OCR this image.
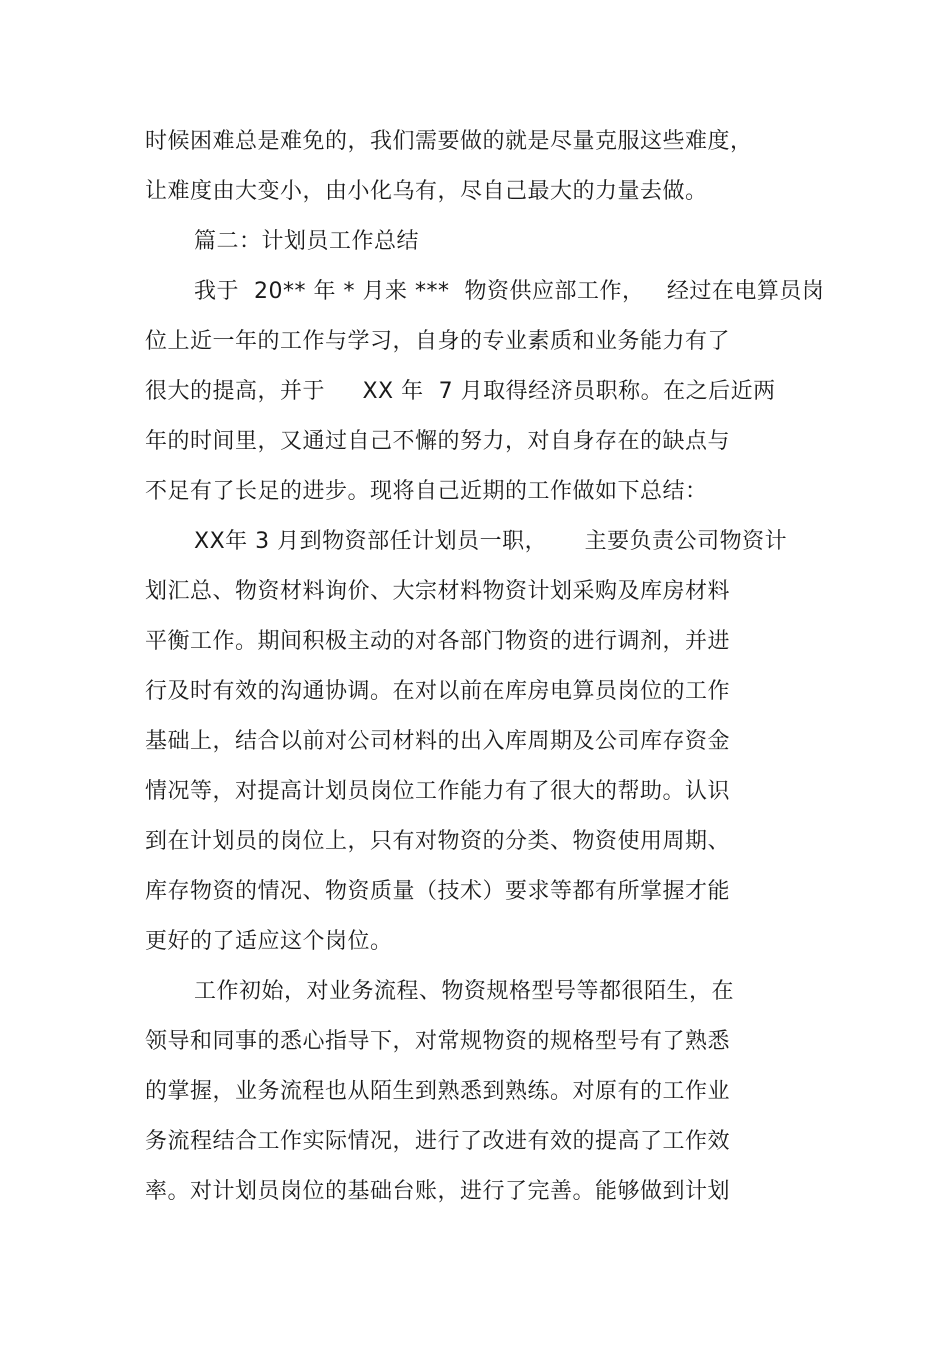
时候困难总是难免的，我们需要做的就是尽量克服这些难度，
让难度由大变小，由小化乌有，尽自己最大的力量去做。
篇二：计划员工作总结
我于  20** 年 * 月来 ***  物资供应部工作，   经过在电算员岗
位上近一年的工作与学习，自身的专业素质和业务能力有了
很大的提高，并于     XX 年  7 月取得经济员职称。在之后近两
年的时间里，又通过自己不懈的努力，对自身存在的缺点与
不足有了长足的进步。现将自己近期的工作做如下总结：
XX年 3 月到物资部任计划员一职，     主要负责公司物资计
划汇总、物资材料询价、大宗材料物资计划采购及库房材料
平衡工作。期间积极主动的对各部门物资的进行调剂，并进
行及时有效的沟通协调。在对以前在库房电算员岗位的工作
基础上，结合以前对公司材料的出入库周期及公司库存资金
情况等，对提高计划员岗位工作能力有了很大的帮助。认识
到在计划员的岗位上，只有对物资的分类、物资使用周期、
库存物资的情况、物资质量（技术）要求等都有所掌握才能
更好的了适应这个岗位。
工作初始，对业务流程、物资规格型号等都很陌生，在
领导和同事的悉心指导下，对常规物资的规格型号有了熟悉
的掌握，业务流程也从陌生到熟悉到熟练。对原有的工作业
务流程结合工作实际情况，进行了改进有效的提高了工作效
率。对计划员岗位的基础台账，进行了完善。能够做到计划
